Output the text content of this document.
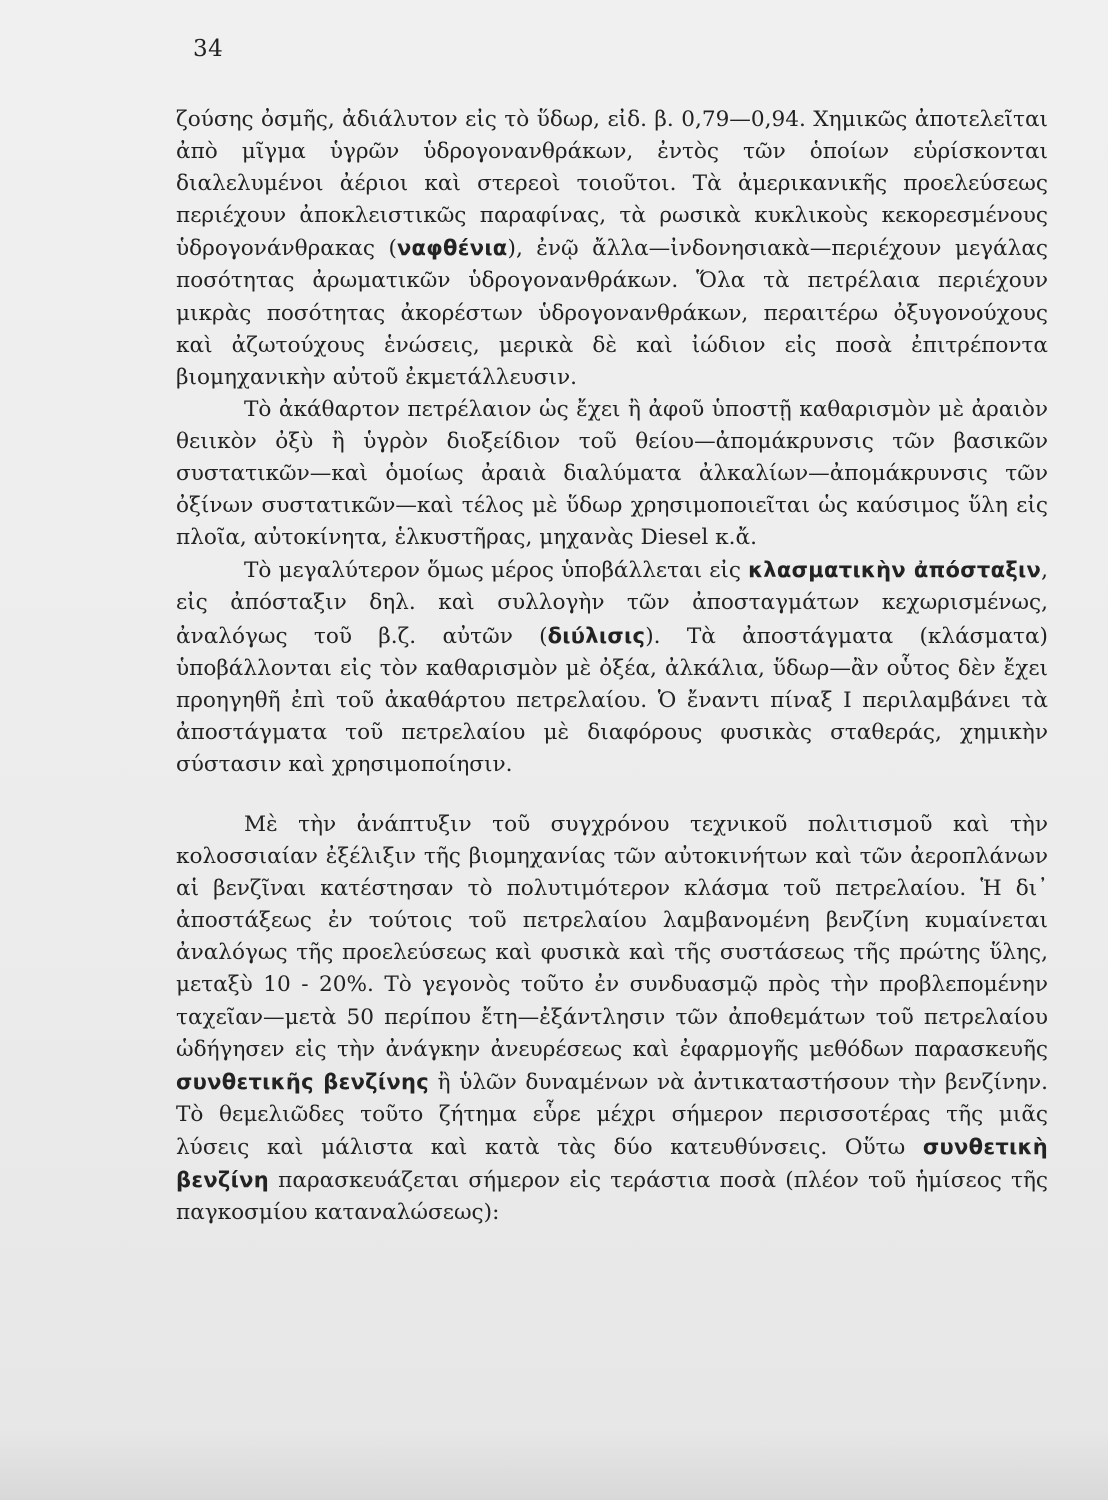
34

ζούσης ὀσμῆς, ἀδιάλυτον εἰς τὸ ὕδωρ, εἰδ. β. 0,79—0,94. Χημικῶς ἀποτελεῖται ἀπὸ μῖγμα ὑγρῶν ὑδρογονανθράκων, ἐντὸς τῶν ὁποίων εὑρίσκονται διαλελυμένοι ἀέριοι καὶ στερεοὶ τοιοῦτοι. Τὰ ἀμερικανικῆς προελεύσεως περιέχουν ἀποκλειστικῶς παραφίνας, τὰ ρωσικὰ κυκλικοὺς κεκορεσμένους ὑδρογονάνθρακας (ναφθένια), ἐνῷ ἄλλα—ἰνδονησιακὰ—περιέχουν μεγάλας ποσότητας ἀρωματικῶν ὑδρογονανθράκων. Ὅλα τὰ πετρέλαια περιέχουν μικρὰς ποσότητας ἀκορέστων ὑδρογονανθράκων, περαιτέρω ὀξυγονούχους καὶ ἀζωτούχους ἑνώσεις, μερικὰ δὲ καὶ ἰώδιον εἰς ποσὰ ἐπιτρέποντα βιομηχανικὴν αὐτοῦ ἐκμετάλλευσιν.

Τὸ ἀκάθαρτον πετρέλαιον ὡς ἔχει ἢ ἀφοῦ ὑποστῇ καθαρισμὸν μὲ ἀραιὸν θειικὸν ὀξὺ ἢ ὑγρὸν διοξείδιον τοῦ θείου—ἀπομάκρυνσις τῶν βασικῶν συστατικῶν—καὶ ὁμοίως ἀραιὰ διαλύματα ἀλκαλίων—ἀπομάκρυνσις τῶν ὀξίνων συστατικῶν—καὶ τέλος μὲ ὕδωρ χρησιμοποιεῖται ὡς καύσιμος ὕλη εἰς πλοῖα, αὐτοκίνητα, ἑλκυστῆρας, μηχανὰς Diesel κ.ἄ.

Τὸ μεγαλύτερον ὅμως μέρος ὑποβάλλεται εἰς κλασματικὴν ἀπόσταξιν, εἰς ἀπόσταξιν δηλ. καὶ συλλογὴν τῶν ἀποσταγμάτων κεχωρισμένως, ἀναλόγως τοῦ β.ζ. αὐτῶν (διύλισις). Τὰ ἀποστάγματα (κλάσματα) ὑποβάλλονται εἰς τὸν καθαρισμὸν μὲ ὀξέα, ἀλκάλια, ὕδωρ—ἂν οὗτος δὲν ἔχει προηγηθῆ ἐπὶ τοῦ ἀκαθάρτου πετρελαίου. Ὁ ἔναντι πίναξ I περιλαμβάνει τὰ ἀποστάγματα τοῦ πετρελαίου μὲ διαφόρους φυσικὰς σταθεράς, χημικὴν σύστασιν καὶ χρησιμοποίησιν.

Μὲ τὴν ἀνάπτυξιν τοῦ συγχρόνου τεχνικοῦ πολιτισμοῦ καὶ τὴν κολοσσιαίαν ἐξέλιξιν τῆς βιομηχανίας τῶν αὐτοκινήτων καὶ τῶν ἀεροπλάνων αἱ βενζῖναι κατέστησαν τὸ πολυτιμότερον κλάσμα τοῦ πετρελαίου. Ἡ δι᾽ ἀποστάξεως ἐν τούτοις τοῦ πετρελαίου λαμβανομένη βενζίνη κυμαίνεται ἀναλόγως τῆς προελεύσεως καὶ φυσικὰ καὶ τῆς συστάσεως τῆς πρώτης ὕλης, μεταξὺ 10 - 20%. Τὸ γεγονὸς τοῦτο ἐν συνδυασμῷ πρὸς τὴν προβλεπομένην ταχεῖαν—μετὰ 50 περίπου ἔτη—ἐξάντλησιν τῶν ἀποθεμάτων τοῦ πετρελαίου ὡδήγησεν εἰς τὴν ἀνάγκην ἀνευρέσεως καὶ ἐφαρμογῆς μεθόδων παρασκευῆς συνθετικῆς βενζίνης ἢ ὑλῶν δυναμένων νὰ ἀντικαταστήσουν τὴν βενζίνην. Τὸ θεμελιῶδες τοῦτο ζήτημα εὗρε μέχρι σήμερον περισσοτέρας τῆς μιᾶς λύσεις καὶ μάλιστα καὶ κατὰ τὰς δύο κατευθύνσεις. Οὕτω συνθετικὴ βενζίνη παρασκευάζεται σήμερον εἰς τεράστια ποσὰ (πλέον τοῦ ἡμίσεος τῆς παγκοσμίου καταναλώσεως):
